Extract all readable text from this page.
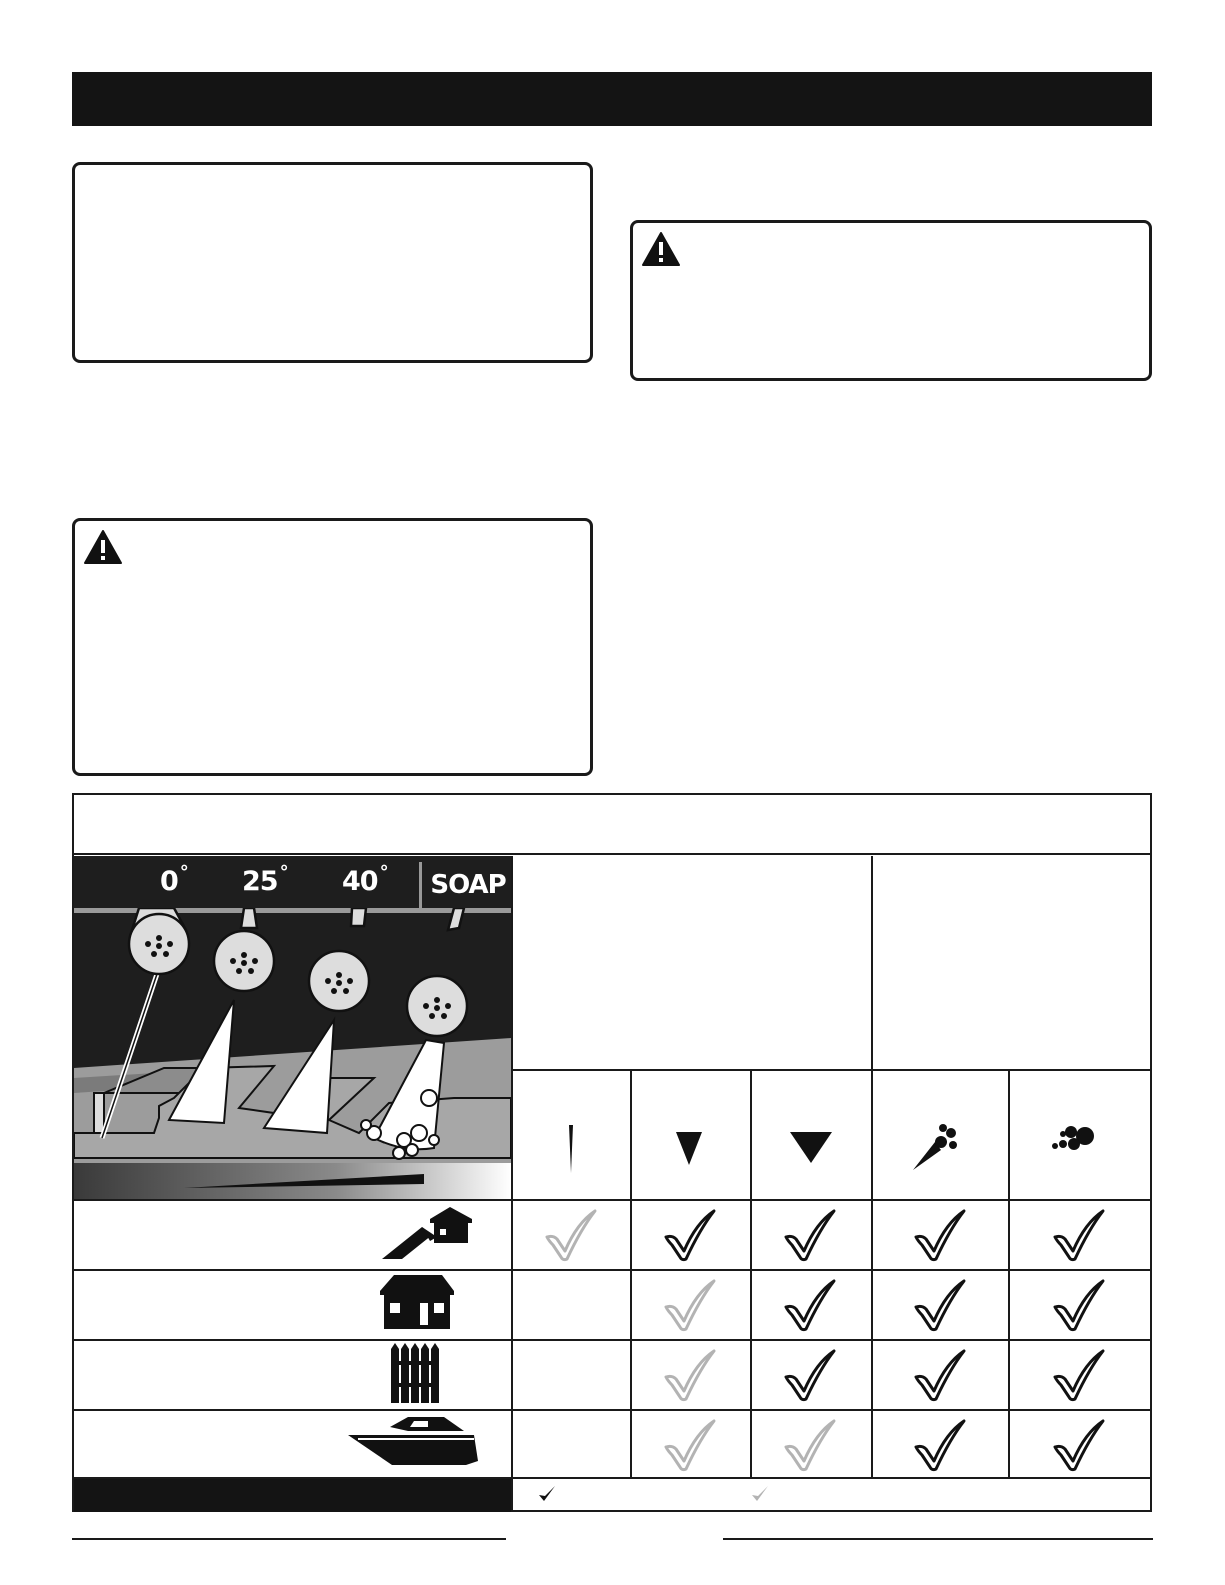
0 ° 25 ° 40 °	SOAP
